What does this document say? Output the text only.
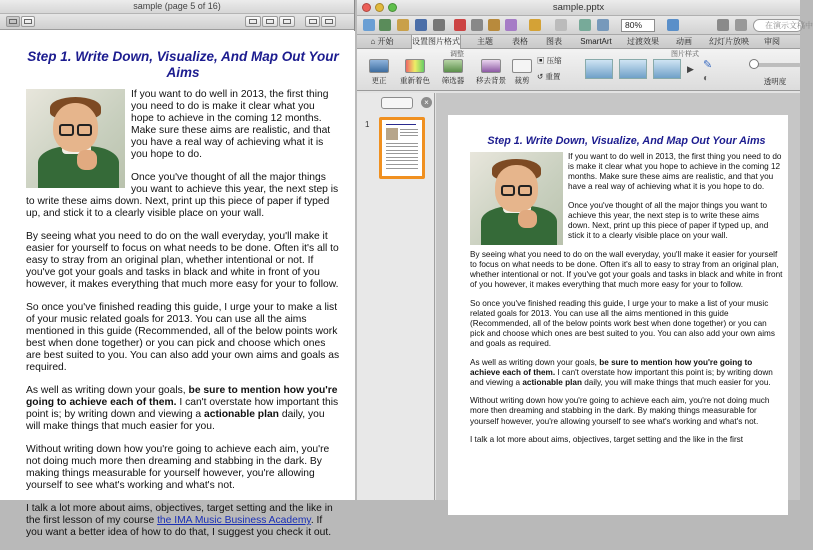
sample (page 5 of 16)
Step 1. Write Down, Visualize, And Map Out Your Aims

If you want to do well in 2013, the first thing you need to do is make it clear what you hope to achieve in the coming 12 months. Make sure these aims are realistic, and that you have a real way of achieving what it is you hope to do.

Once you've thought of all the major things you want to achieve this year, the next step is to write these aims down. Next, print up this piece of paper if typed up, and stick it to a clearly visible place on your wall.

By seeing what you need to do on the wall everyday, you'll make it easier for yourself to focus on what needs to be done. Often it's all to easy to stray from an original plan, whether intentional or not. If you've got your goals and tasks in black and white in front of you however, it makes everything that much more easy for your to follow.

So once you've finished reading this guide, I urge your to make a list of your music related goals for 2013. You can use all the aims mentioned in this guide (Recommended, all of the below points work best when done together) or you can pick and choose which ones are best suited to you. You can also add your own aims and goals as required.

As well as writing down your goals, be sure to mention how you're going to achieve each of them. I can't overstate how important this point is; by writing down and viewing a actionable plan daily, you will make things that much easier for you.

Without writing down how you're going to achieve each aim, you're not doing much more then dreaming and stabbing in the dark. By making things measurable for yourself however, you're allowing yourself to see what's working and what's not.

I talk a lot more about aims, objectives, target setting and the like in the first lesson of my course the IMA Music Business Academy. If you want a better idea of how to do that, I suggest you check it out.

sample.pptx
80%	在演示文稿中
⌂ 开始	设置图片格式	主题	表格	图表	SmartArt	过渡效果	动画	幻灯片放映	审阅
调整	图片样式
更正	重新着色	筛选器	移去背景	裁剪
▣ 压缩
↺ 重置
▶ ✎
◐	透明度
×
1
Step 1. Write Down, Visualize, And Map Out Your Aims

If you want to do well in 2013, the first thing you need to do is make it clear what you hope to achieve in the coming 12 months. Make sure these aims are realistic, and that you have a real way of achieving what it is you hope to do.

Once you've thought of all the major things you want to achieve this year, the next step is to write these aims down. Next, print up this piece of paper if typed up, and stick it to a clearly visible place on your wall.

By seeing what you need to do on the wall everyday, you'll make it easier for yourself to focus on what needs to be done. Often it's all to easy to stray from an original plan, whether intentional or not. If you've got your goals and tasks in black and white in front of you however, it makes everything that much more easy for your to follow.

So once you've finished reading this guide, I urge your to make a list of your music related goals for 2013. You can use all the aims mentioned in this guide (Recommended, all of the below points work best when done together) or you can pick and choose which ones are best suited to you. You can also add your own aims and goals as required.

As well as writing down your goals, be sure to mention how you're going to achieve each of them. I can't overstate how important this point is; by writing down and viewing a actionable plan daily, you will make things that much easier for you.

Without writing down how you're going to achieve each aim, you're not doing much more then dreaming and stabbing in the dark. By making things measurable for yourself however, you're allowing yourself to see what's working and what's not.

I talk a lot more about aims, objectives, target setting and the like in the first
